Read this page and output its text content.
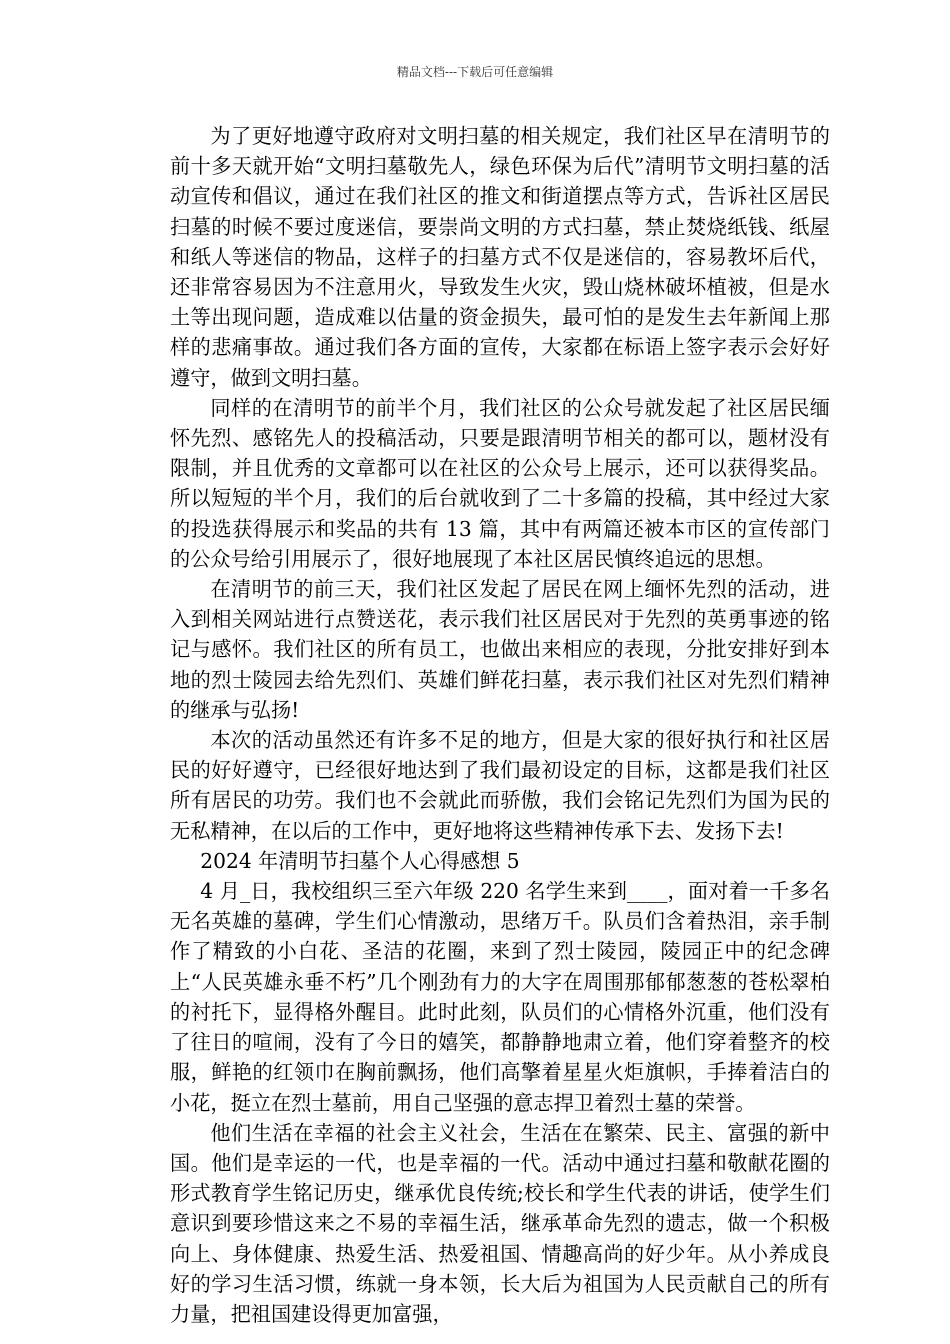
精品文档---下载后可任意编辑

为了更好地遵守政府对文明扫墓的相关规定，我们社区早在清明节的前十多天就开始“文明扫墓敬先人，绿色环保为后代”清明节文明扫墓的活动宣传和倡议，通过在我们社区的推文和街道摆点等方式，告诉社区居民扫墓的时候不要过度迷信，要崇尚文明的方式扫墓，禁止焚烧纸钱、纸屋和纸人等迷信的物品，这样子的扫墓方式不仅是迷信的，容易教坏后代，还非常容易因为不注意用火，导致发生火灾，毁山烧林破坏植被，但是水土等出现问题，造成难以估量的资金损失，最可怕的是发生去年新闻上那样的悲痛事故。通过我们各方面的宣传，大家都在标语上签字表示会好好遵守，做到文明扫墓。

同样的在清明节的前半个月，我们社区的公众号就发起了社区居民缅怀先烈、感铭先人的投稿活动，只要是跟清明节相关的都可以，题材没有限制，并且优秀的文章都可以在社区的公众号上展示，还可以获得奖品。所以短短的半个月，我们的后台就收到了二十多篇的投稿，其中经过大家的投选获得展示和奖品的共有 13 篇，其中有两篇还被本市区的宣传部门的公众号给引用展示了，很好地展现了本社区居民慎终追远的思想。

在清明节的前三天，我们社区发起了居民在网上缅怀先烈的活动，进入到相关网站进行点赞送花，表示我们社区居民对于先烈的英勇事迹的铭记与感怀。我们社区的所有员工，也做出来相应的表现，分批安排好到本地的烈士陵园去给先烈们、英雄们鲜花扫墓，表示我们社区对先烈们精神的继承与弘扬!

本次的活动虽然还有许多不足的地方，但是大家的很好执行和社区居民的好好遵守，已经很好地达到了我们最初设定的目标，这都是我们社区所有居民的功劳。我们也不会就此而骄傲，我们会铭记先烈们为国为民的无私精神，在以后的工作中，更好地将这些精神传承下去、发扬下去!

2024 年清明节扫墓个人心得感想 5

4 月_日，我校组织三至六年级 220 名学生来到____，面对着一千多名无名英雄的墓碑，学生们心情激动，思绪万千。队员们含着热泪，亲手制作了精致的小白花、圣洁的花圈，来到了烈士陵园，陵园正中的纪念碑上“人民英雄永垂不朽”几个刚劲有力的大字在周围那郁郁葱葱的苍松翠柏的衬托下，显得格外醒目。此时此刻，队员们的心情格外沉重，他们没有了往日的喧闹，没有了今日的嬉笑，都静静地肃立着，他们穿着整齐的校服，鲜艳的红领巾在胸前飘扬，他们高擎着星星火炬旗帜，手捧着洁白的小花，挺立在烈士墓前，用自己坚强的意志捍卫着烈士墓的荣誉。

他们生活在幸福的社会主义社会，生活在在繁荣、民主、富强的新中国。他们是幸运的一代，也是幸福的一代。活动中通过扫墓和敬献花圈的形式教育学生铭记历史，继承优良传统;校长和学生代表的讲话，使学生们意识到要珍惜这来之不易的幸福生活，继承革命先烈的遗志，做一个积极向上、身体健康、热爱生活、热爱祖国、情趣高尚的好少年。从小养成良好的学习生活习惯，练就一身本领，长大后为祖国为人民贡献自己的所有力量，把祖国建设得更加富强，
